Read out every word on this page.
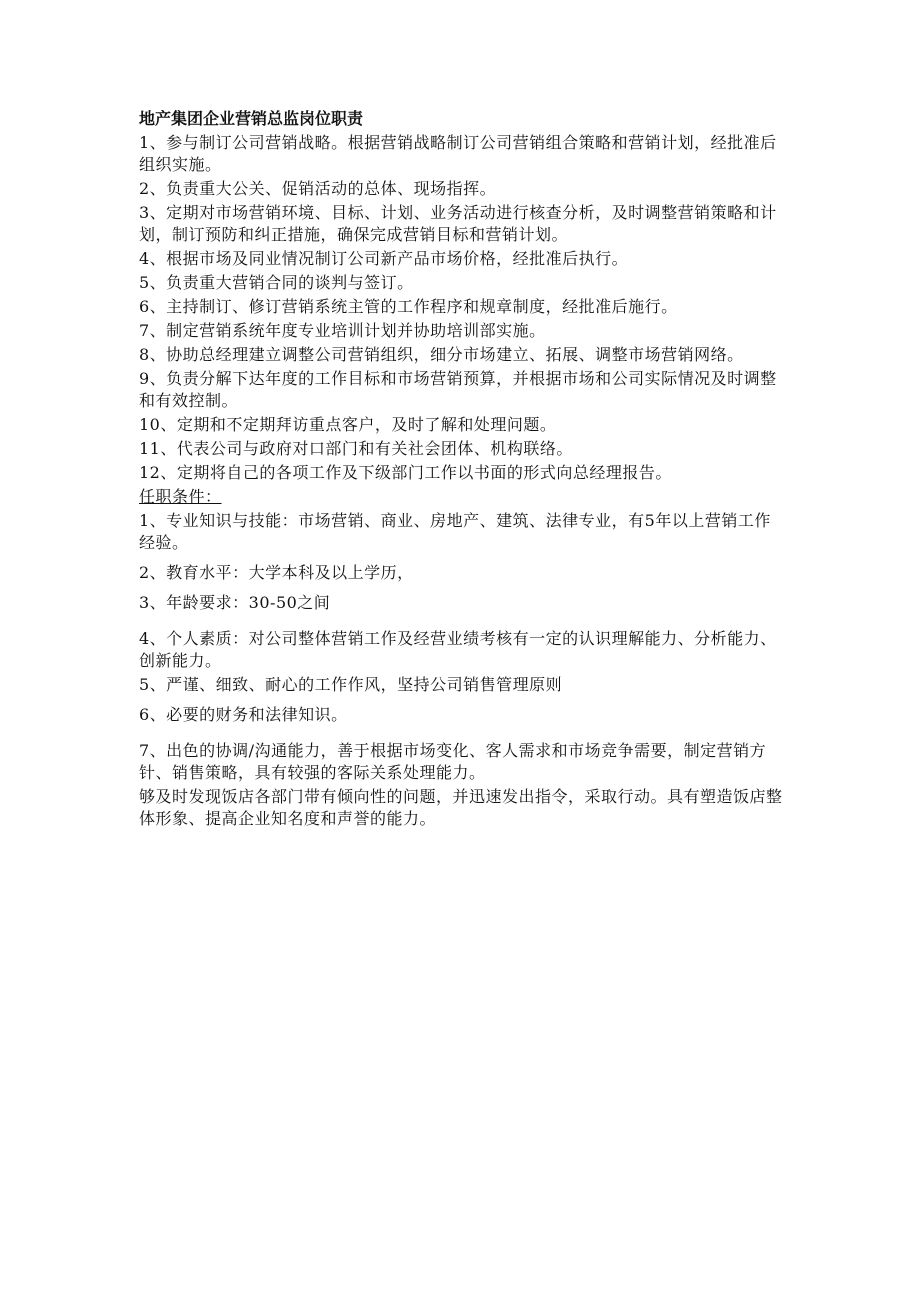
地产集团企业营销总监岗位职责
1、参与制订公司营销战略。根据营销战略制订公司营销组合策略和营销计划，经批准后组织实施。
2、负责重大公关、促销活动的总体、现场指挥。
3、定期对市场营销环境、目标、计划、业务活动进行核查分析，及时调整营销策略和计划，制订预防和纠正措施，确保完成营销目标和营销计划。
4、根据市场及同业情况制订公司新产品市场价格，经批准后执行。
5、负责重大营销合同的谈判与签订。
6、主持制订、修订营销系统主管的工作程序和规章制度，经批准后施行。
7、制定营销系统年度专业培训计划并协助培训部实施。
8、协助总经理建立调整公司营销组织，细分市场建立、拓展、调整市场营销网络。
9、负责分解下达年度的工作目标和市场营销预算，并根据市场和公司实际情况及时调整和有效控制。
10、定期和不定期拜访重点客户，及时了解和处理问题。
11、代表公司与政府对口部门和有关社会团体、机构联络。
12、定期将自己的各项工作及下级部门工作以书面的形式向总经理报告。
任职条件：
1、专业知识与技能：市场营销、商业、房地产、建筑、法律专业，有5年以上营销工作经验。
2、教育水平：大学本科及以上学历，
3、年龄要求：30-50之间
4、个人素质：对公司整体营销工作及经营业绩考核有一定的认识理解能力、分析能力、创新能力。
5、严谨、细致、耐心的工作作风，坚持公司销售管理原则
6、必要的财务和法律知识。
7、出色的协调/沟通能力，善于根据市场变化、客人需求和市场竞争需要，制定营销方针、销售策略，具有较强的客际关系处理能力。
够及时发现饭店各部门带有倾向性的问题，并迅速发出指令，采取行动。具有塑造饭店整体形象、提高企业知名度和声誉的能力。
